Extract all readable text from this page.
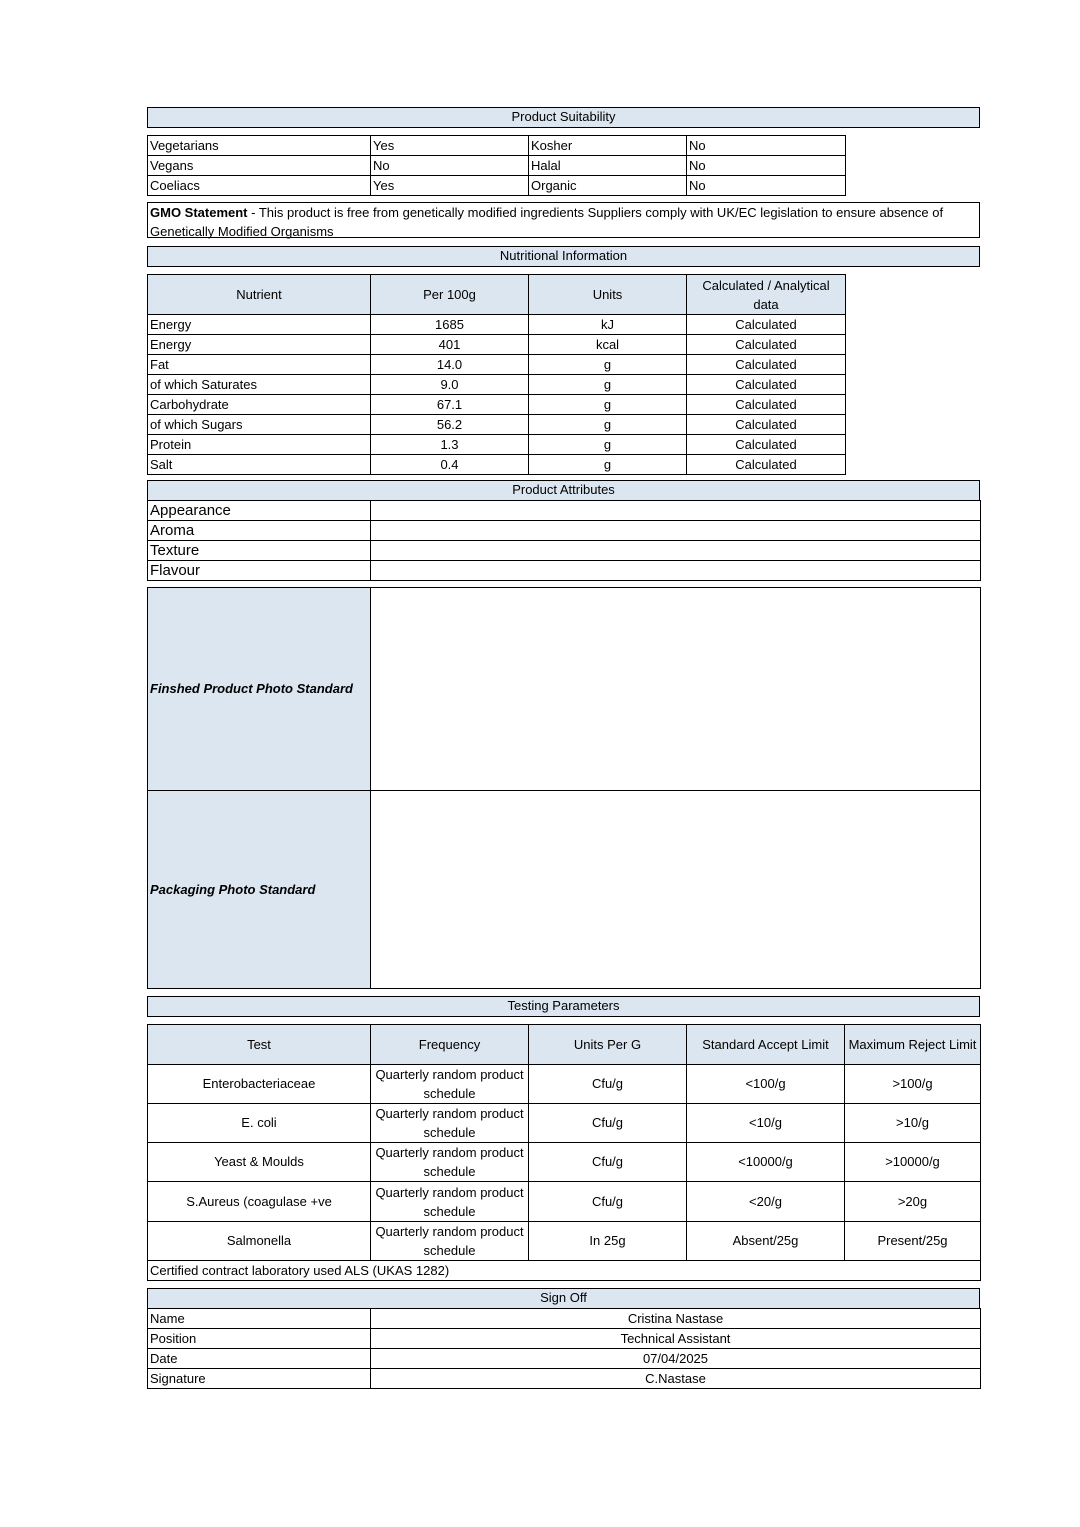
Product Suitability
Vegetarians	Yes	Kosher	No
Vegans	No	Halal	No
Coeliacs	Yes	Organic	No
GMO Statement - This product is free from genetically modified ingredients Suppliers comply with UK/EC legislation to ensure absence of Genetically Modified Organisms
Nutritional Information
Nutrient	Per 100g	Units	Calculated / Analytical data
Energy	1685	kJ	Calculated
Energy	401	kcal	Calculated
Fat	14.0	g	Calculated
of which Saturates	9.0	g	Calculated
Carbohydrate	67.1	g	Calculated
of which Sugars	56.2	g	Calculated
Protein	1.3	g	Calculated
Salt	0.4	g	Calculated
Product Attributes
Appearance	
Aroma	
Texture	
Flavour	
Finshed Product Photo Standard	
Packaging Photo Standard	
Testing Parameters
Test	Frequency	Units Per G	Standard Accept Limit	Maximum Reject Limit
Enterobacteriaceae	Quarterly random product schedule	Cfu/g	<100/g	>100/g
E. coli	Quarterly random product schedule	Cfu/g	<10/g	>10/g
Yeast & Moulds	Quarterly random product schedule	Cfu/g	<10000/g	>10000/g
S.Aureus (coagulase +ve	Quarterly random product schedule	Cfu/g	<20/g	>20g
Salmonella	Quarterly random product schedule	In 25g	Absent/25g	Present/25g
Certified contract laboratory used ALS (UKAS 1282)				
Sign Off
Name	Cristina Nastase
Position	Technical Assistant
Date	07/04/2025
Signature	C.Nastase
